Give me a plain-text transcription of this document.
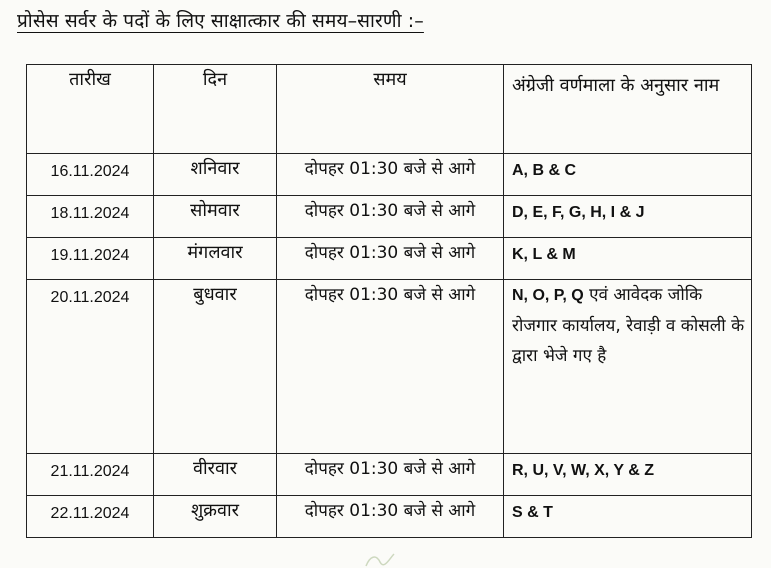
प्रोसेस सर्वर के पदों के लिए साक्षात्कार की समय–सारणी :–
तारीख	दिन	समय	अंग्रेजी वर्णमाला के अनुसार नाम
16.11.2024	शनिवार	दोपहर 01:30 बजे से आगे	A, B & C
18.11.2024	सोमवार	दोपहर 01:30 बजे से आगे	D, E, F, G, H, I & J
19.11.2024	मंगलवार	दोपहर 01:30 बजे से आगे	K, L & M
20.11.2024	बुधवार	दोपहर 01:30 बजे से आगे	N, O, P, Q एवं आवेदक जोकि रोजगार कार्यालय, रेवाड़ी व कोसली के द्वारा भेजे गए है
21.11.2024	वीरवार	दोपहर 01:30 बजे से आगे	R, U, V, W, X, Y & Z
22.11.2024	शुक्रवार	दोपहर 01:30 बजे से आगे	S & T
